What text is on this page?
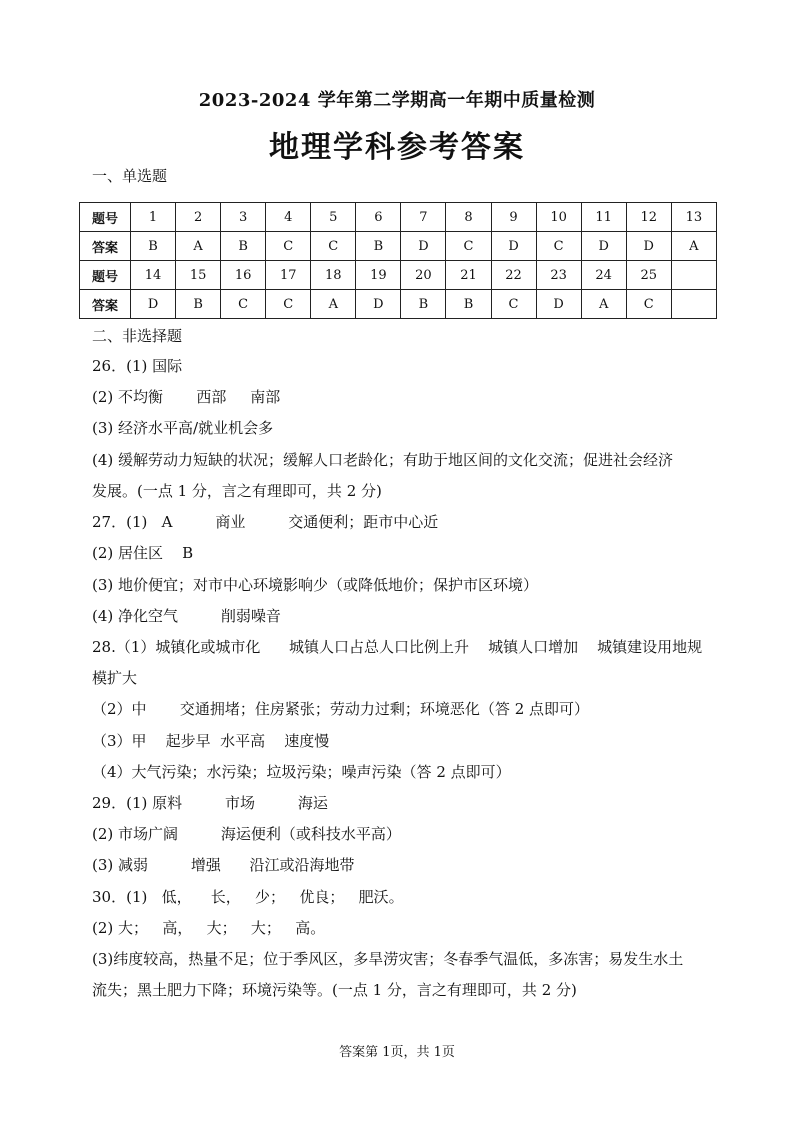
2023-2024 学年第二学期高一年期中质量检测
地理学科参考答案
一、单选题
题号	1	2	3	4	5	6	7	8	9	10	11	12	13
答案	B	A	B	C	C	B	D	C	D	C	D	D	A
题号	14	15	16	17	18	19	20	21	22	23	24	25	
答案	D	B	C	C	A	D	B	B	C	D	A	C	
二、非选择题
26．(1) 国际
(2) 不均衡       西部     南部
(3) 经济水平高/就业机会多
(4) 缓解劳动力短缺的状况；缓解人口老龄化；有助于地区间的文化交流；促进社会经济
发展。(一点 1 分，言之有理即可，共 2 分)
27．(1)   A         商业         交通便利；距市中心近
(2) 居住区    B
(3) 地价便宜；对市中心环境影响少（或降低地价；保护市区环境）
(4) 净化空气         削弱噪音
28.（1）城镇化或城市化      城镇人口占总人口比例上升    城镇人口增加    城镇建设用地规
模扩大
（2）中       交通拥堵；住房紧张；劳动力过剩；环境恶化（答 2 点即可）
（3）甲    起步早  水平高    速度慢
（4）大气污染；水污染；垃圾污染；噪声污染（答 2 点即可）
29．(1) 原料         市场         海运
(2) 市场广阔         海运便利（或科技水平高）
(3) 减弱         增强      沿江或沿海地带
30．(1)   低，    长，   少；   优良；   肥沃。
(2) 大；   高，   大；   大；   高。
(3)纬度较高，热量不足；位于季风区，多旱涝灾害；冬春季气温低，多冻害；易发生水土
流失；黑土肥力下降；环境污染等。(一点 1 分，言之有理即可，共 2 分)
答案第 1页，共 1页
